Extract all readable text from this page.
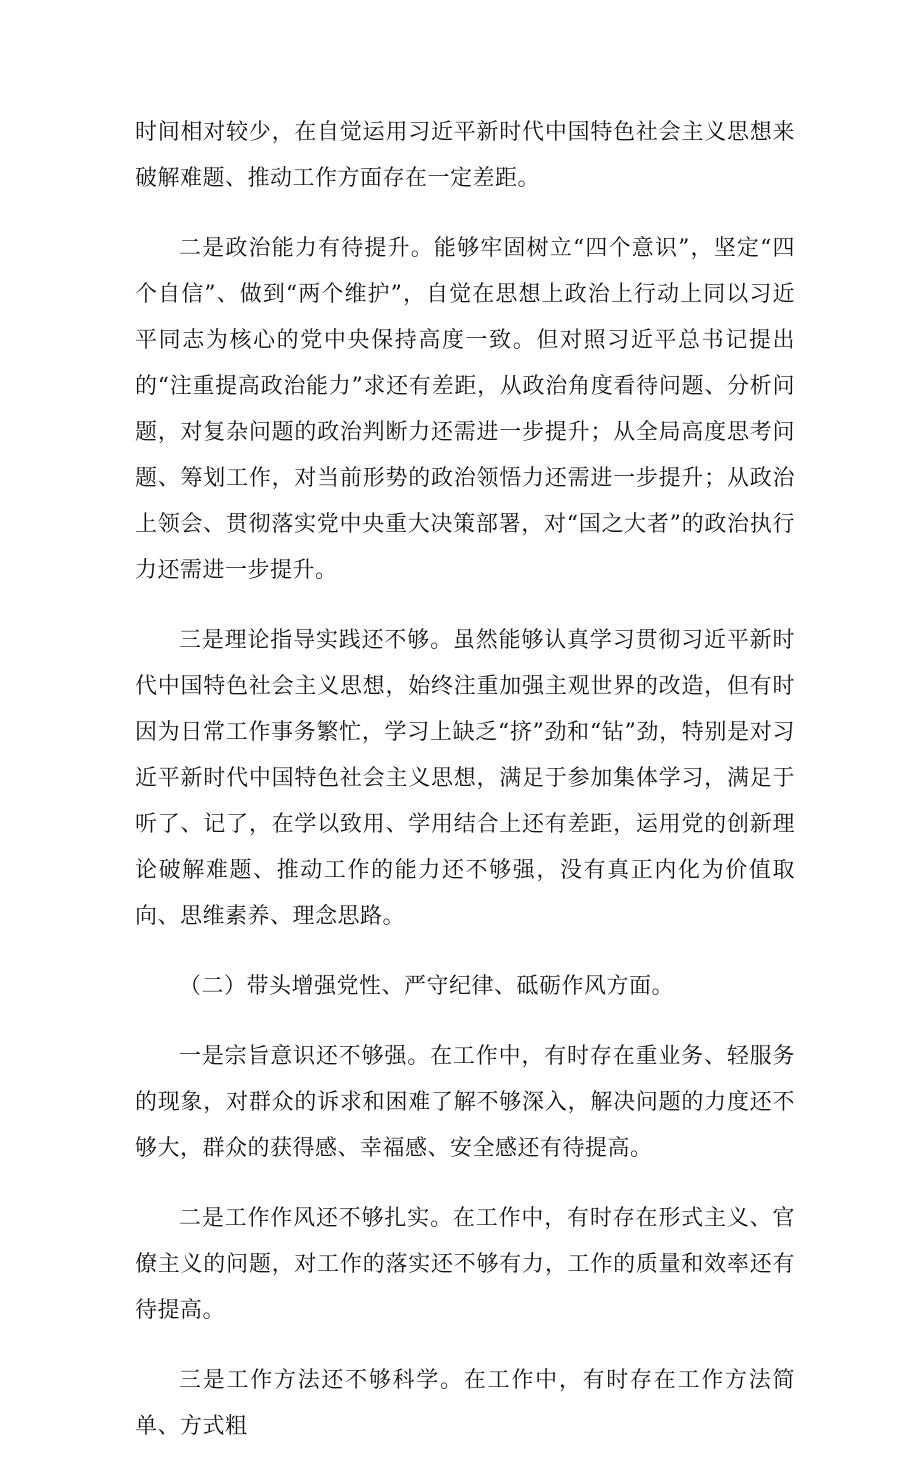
时间相对较少，在自觉运用习近平新时代中国特色社会主义思想来破解难题、推动工作方面存在一定差距。

二是政治能力有待提升。能够牢固树立“四个意识”，坚定“四个自信”、做到“两个维护”，自觉在思想上政治上行动上同以习近平同志为核心的党中央保持高度一致。但对照习近平总书记提出的“注重提高政治能力”求还有差距，从政治角度看待问题、分析问题，对复杂问题的政治判断力还需进一步提升；从全局高度思考问题、筹划工作，对当前形势的政治领悟力还需进一步提升；从政治上领会、贯彻落实党中央重大决策部署，对“国之大者”的政治执行力还需进一步提升。

三是理论指导实践还不够。虽然能够认真学习贯彻习近平新时代中国特色社会主义思想，始终注重加强主观世界的改造，但有时因为日常工作事务繁忙，学习上缺乏“挤”劲和“钻”劲，特别是对习近平新时代中国特色社会主义思想，满足于参加集体学习，满足于听了、记了，在学以致用、学用结合上还有差距，运用党的创新理论破解难题、推动工作的能力还不够强，没有真正内化为价值取向、思维素养、理念思路。

（二）带头增强党性、严守纪律、砥砺作风方面。

一是宗旨意识还不够强。在工作中，有时存在重业务、轻服务的现象，对群众的诉求和困难了解不够深入，解决问题的力度还不够大，群众的获得感、幸福感、安全感还有待提高。

二是工作作风还不够扎实。在工作中，有时存在形式主义、官僚主义的问题，对工作的落实还不够有力，工作的质量和效率还有待提高。

三是工作方法还不够科学。在工作中，有时存在工作方法简单、方式粗
